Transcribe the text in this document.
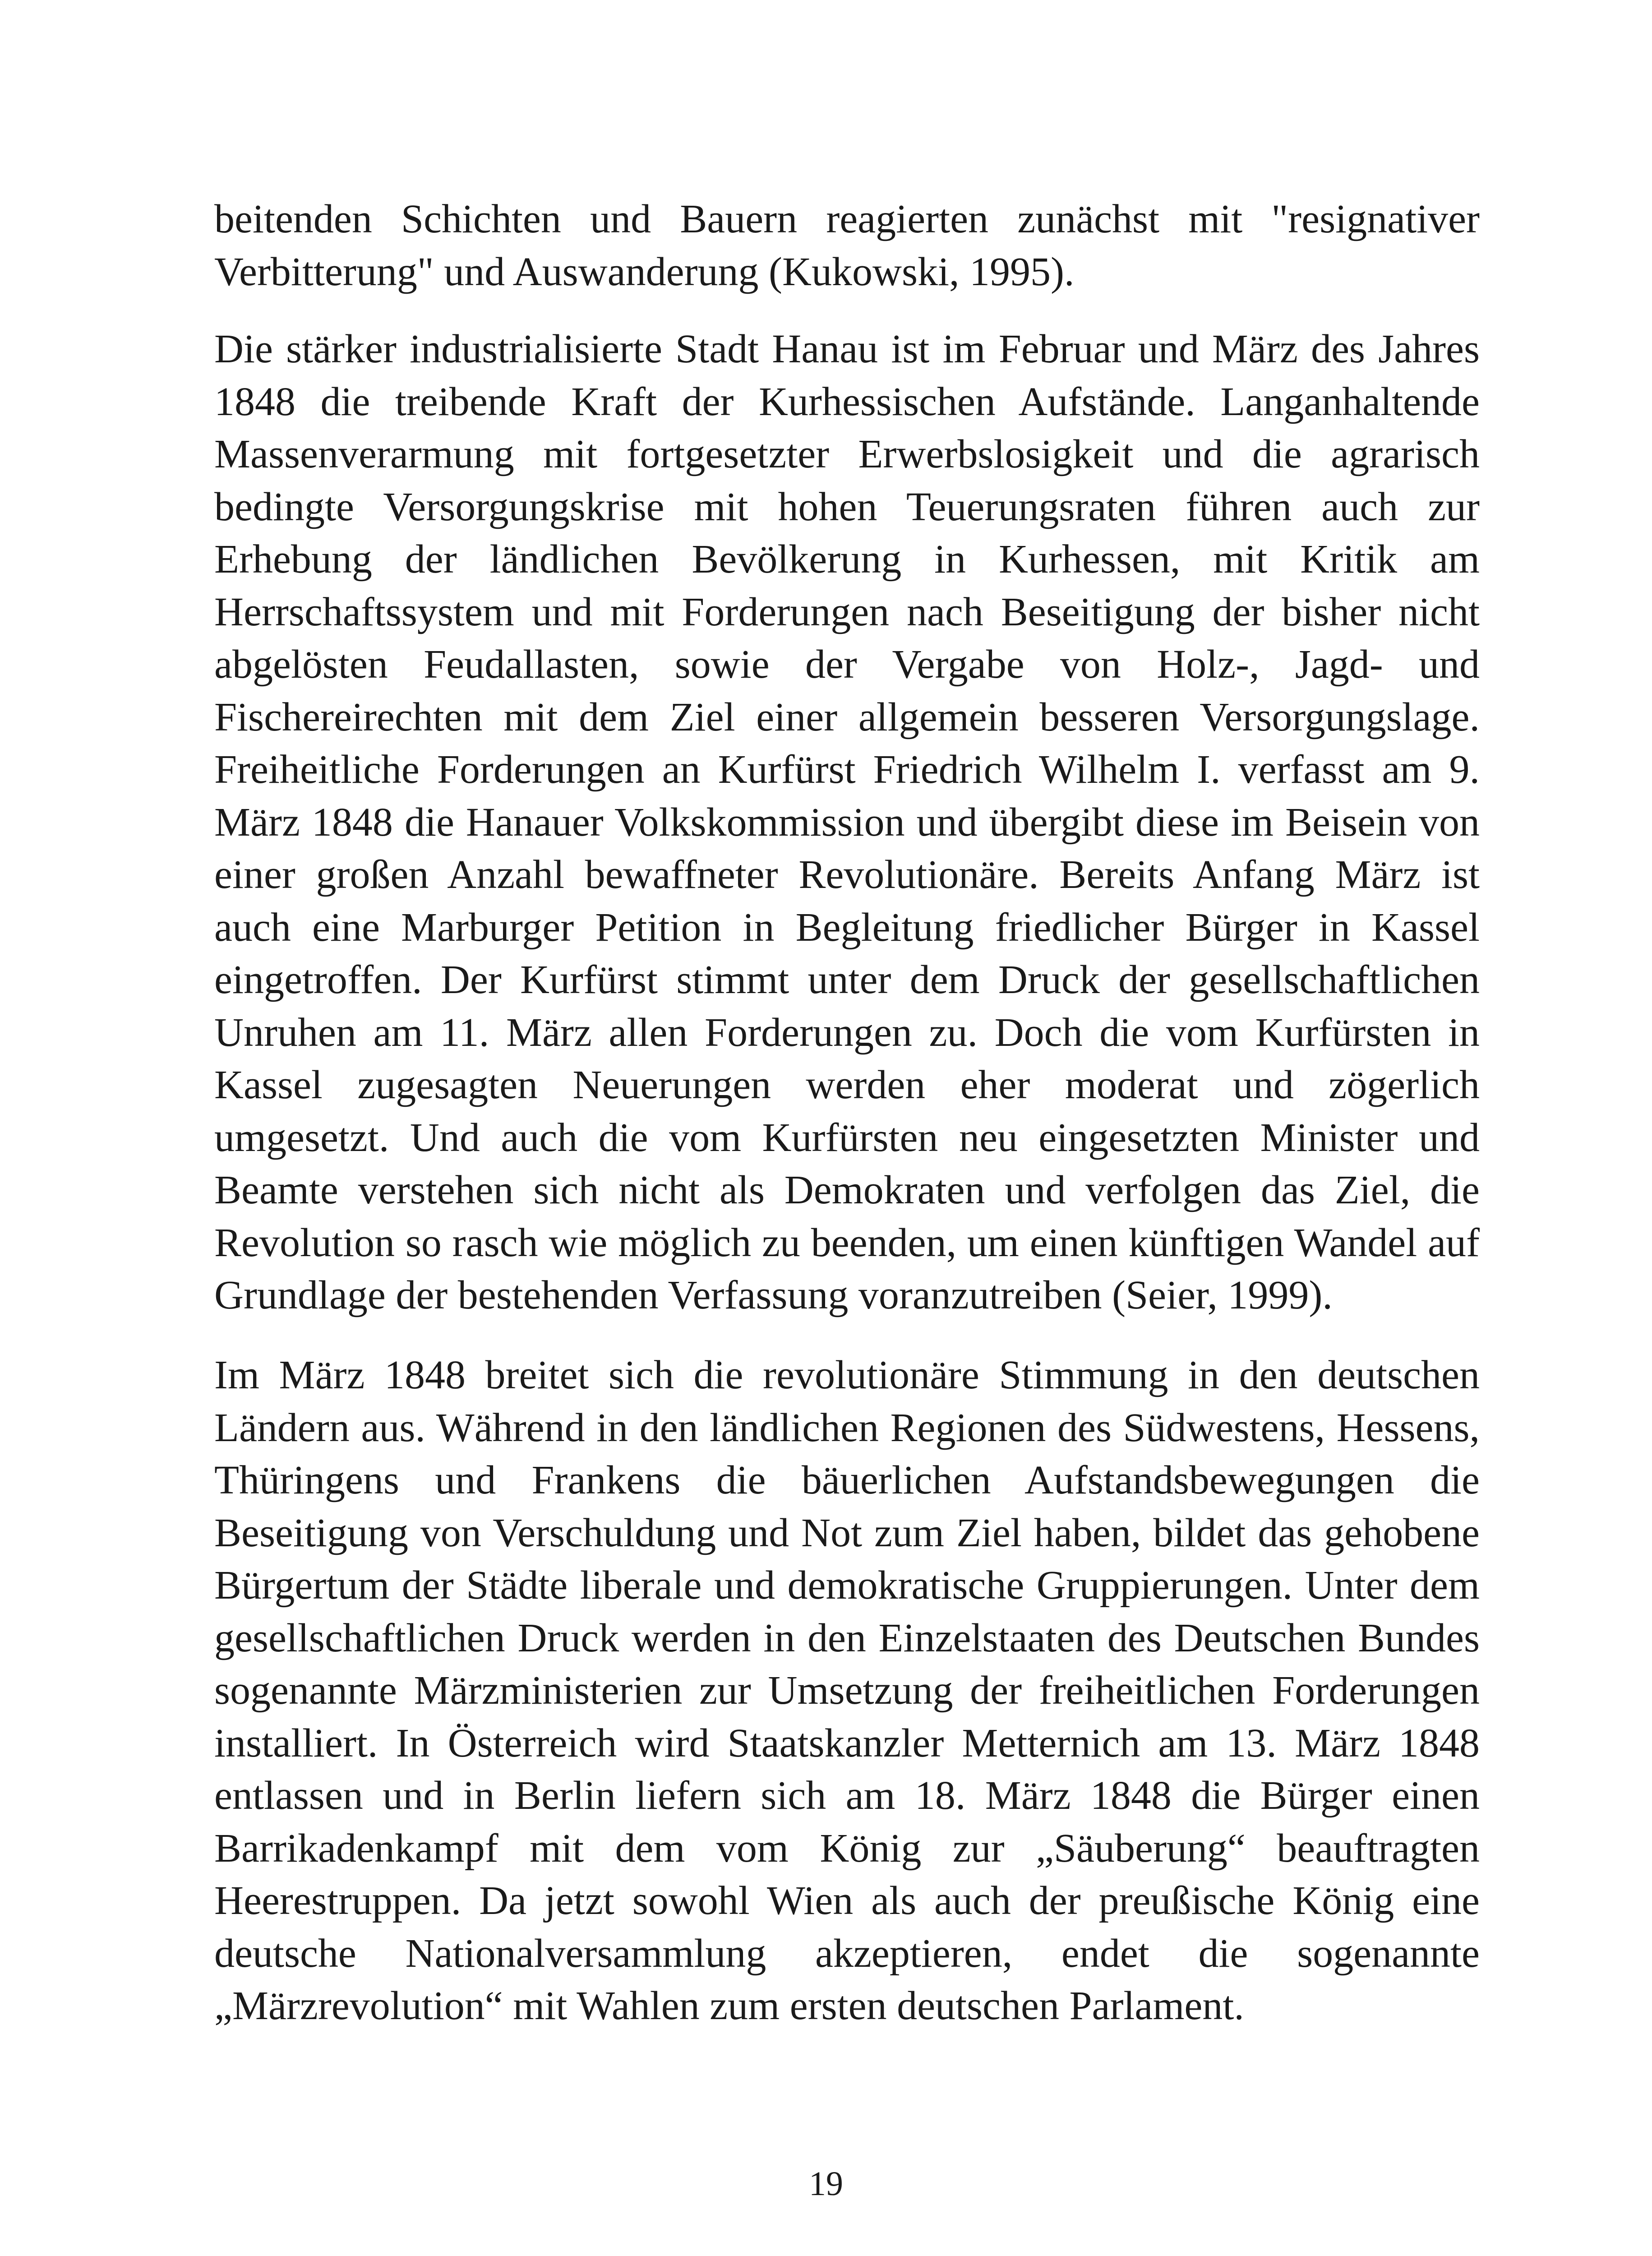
beitenden Schichten und Bauern reagierten zunächst mit "resignativer Verbitterung" und Auswanderung (Kukowski, 1995).

Die stärker industrialisierte Stadt Hanau ist im Februar und März des Jahres 1848 die treibende Kraft der Kurhessischen Aufstände. Langanhaltende Massenverarmung mit fortgesetzter Erwerbslosigkeit und die agrarisch bedingte Versorgungskrise mit hohen Teuerungsraten führen auch zur Erhebung der ländlichen Bevölkerung in Kurhessen, mit Kritik am Herrschaftssystem und mit Forderungen nach Beseitigung der bisher nicht abgelösten Feudallasten, sowie der Vergabe von Holz-, Jagd- und Fischereirechten mit dem Ziel einer allgemein besseren Versorgungslage. Freiheitliche Forderungen an Kurfürst Friedrich Wilhelm I. verfasst am 9. März 1848 die Hanauer Volkskommission und übergibt diese im Beisein von einer großen Anzahl bewaffneter Revolutionäre. Bereits Anfang März ist auch eine Marburger Petition in Begleitung friedlicher Bürger in Kassel eingetroffen. Der Kurfürst stimmt unter dem Druck der gesellschaftlichen Unruhen am 11. März allen Forderungen zu. Doch die vom Kurfürsten in Kassel zugesagten Neuerungen werden eher moderat und zögerlich umgesetzt. Und auch die vom Kurfürsten neu eingesetzten Minister und Beamte verstehen sich nicht als Demokraten und verfolgen das Ziel, die Revolution so rasch wie möglich zu beenden, um einen künftigen Wandel auf Grundlage der bestehenden Verfassung voranzutreiben (Seier, 1999).

Im März 1848 breitet sich die revolutionäre Stimmung in den deutschen Ländern aus. Während in den ländlichen Regionen des Südwestens, Hessens, Thüringens und Frankens die bäuerlichen Aufstandsbewegungen die Beseitigung von Verschuldung und Not zum Ziel haben, bildet das gehobene Bürgertum der Städte liberale und demokratische Gruppierungen. Unter dem gesellschaftlichen Druck werden in den Einzelstaaten des Deutschen Bundes sogenannte Märzministerien zur Umsetzung der freiheitlichen Forderungen installiert. In Österreich wird Staatskanzler Metternich am 13. März 1848 entlassen und in Berlin liefern sich am 18. März 1848 die Bürger einen Barrikadenkampf mit dem vom König zur „Säuberung“ beauftragten Heerestruppen. Da jetzt sowohl Wien als auch der preußische König eine deutsche Nationalversammlung akzeptieren, endet die sogenannte „Märzrevolution“ mit Wahlen zum ersten deutschen Parlament.

19
